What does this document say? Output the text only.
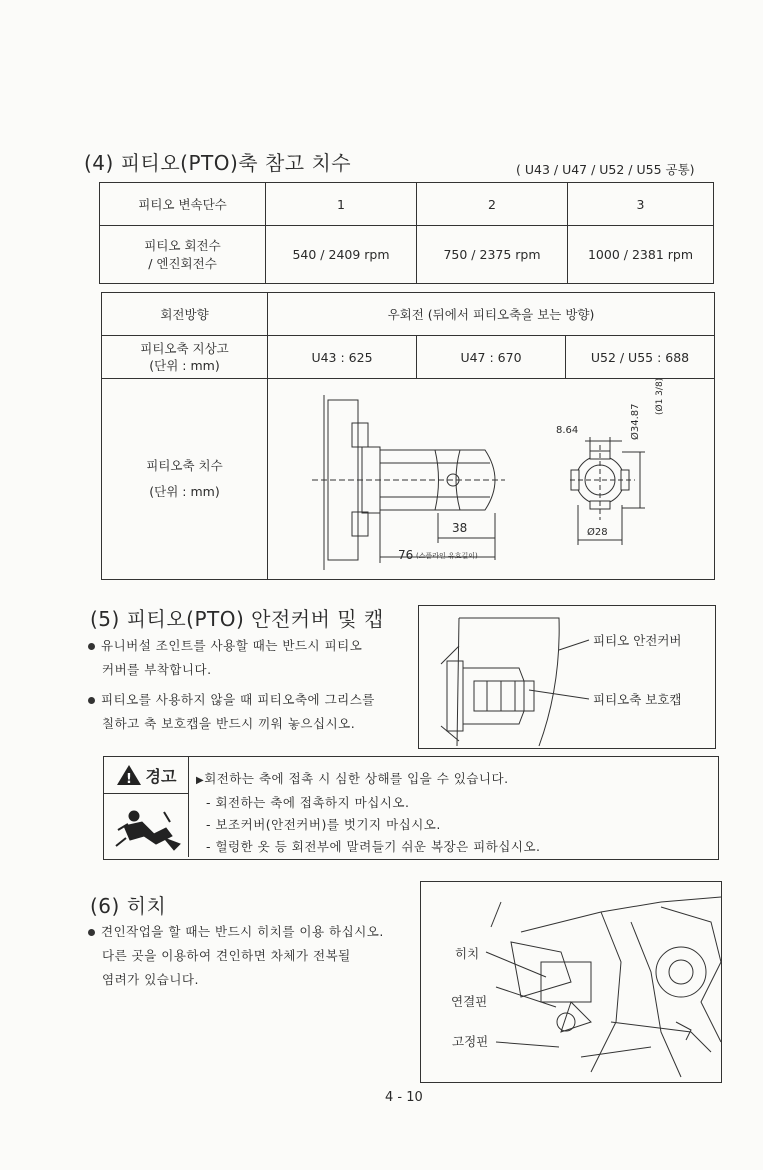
(4) 피티오(PTO)축 참고 치수	( U43 / U47 / U52 / U55 공통)
피티오 변속단수	1	2	3

피티오 회전수
/ 엔진회전수	540 / 2409 rpm	750 / 2375 rpm	1000 / 2381 rpm
회전방향	우회전 (뒤에서 피티오축을 보는 방향)		

피티오축 지상고
(단위 : mm)	U43 : 625	U47 : 670	U52 / U55 : 688

피티오축 치수
(단위 : mm)			

38
76 (스플라인 유효길이)
8.64	Ø34.87
(Ø1 3/8)
Ø28
(5) 피티오(PTO) 안전커버 및 캡
유니버설 조인트를 사용할 때는 반드시 피티오
커버를 부착합니다.
피티오를 사용하지 않을 때 피티오축에 그리스를
칠하고 축 보호캡을 반드시 끼워 놓으십시오.
피티오 안전커버
피티오축 보호캡
! 경고 ▶회전하는 축에 접촉 시 심한 상해를 입을 수 있습니다.
- 회전하는 축에 접촉하지 마십시오.
- 보조커버(안전커버)를 벗기지 마십시오.
- 헐렁한 옷 등 회전부에 말려들기 쉬운 복장은 피하십시오.
(6) 히치
견인작업을 할 때는 반드시 히치를 이용 하십시오.
다른 곳을 이용하여 견인하면 차체가 전복될
염려가 있습니다.
히치
연결핀
고정핀
4 - 10
